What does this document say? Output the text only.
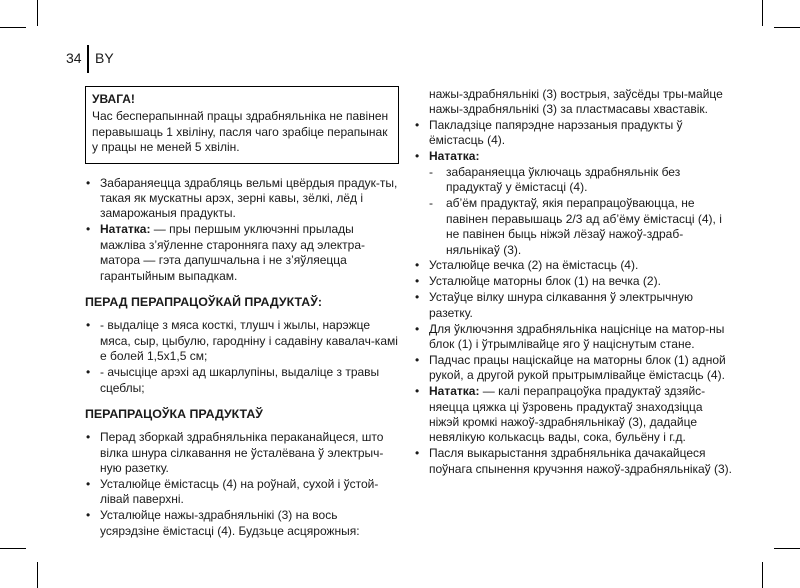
34 BY
УВАГА!
Час бесперапыннай працы здрабняльніка не павінен перавышаць 1 хвіліну, пасля чаго зрабіце перапынак у працы не меней 5 хвілін.
• Забараняецца здрабляць вельмі цвёрдыя прадук-ты, такая як мускатны арэх, зерні кавы, зёлкі, лёд і замарожаныя прадукты.
• Нататка: — пры першым уключэнні прылады мажліва з’яўленне старонняга паху ад электра-матора — гэта дапушчальна і не з’яўляецца гарантыйным выпадкам.
ПЕРАД ПЕРАПРАЦОЎКАЙ ПРАДУКТАЎ:
• - выдаліце з мяса косткі, тлушч і жылы, нарэжце мяса, сыр, цыбулю, гароднiну і садавіну кавалач-камі е болей 1,5х1,5 см;
• - ачысціце арэхі ад шкарлупіны, выдаліце з травы сцеблы;
ПЕРАПРАЦОЎКА ПРАДУКТАЎ
• Перад зборкай здрабняльніка пераканайцеся, што вілка шнура сілкавання не ўсталёвана ў электрыч-ную разетку.
• Усталюйце ёмістасць (4) на роўнай, сухой і ўстой-лівай паверхні.
• Усталюйце нажы-здрабняльнікі (3) на вось усярэдзіне ёмістасці (4). Будзьце асцярожныя:
нажы-здрабняльнікі (3) вострыя, заўсёды тры-майце нажы-здрабняльнікі (3) за пластмасавы хваставік.
• Пакладзіце папярэдне нарэзаныя прадукты ў ёмістасць (4).
• Нататка:
- забараняецца ўключаць здрабняльнік без прадуктаў у ёмістасці (4).
- аб’ём прадуктаў, якія перапрацоўваюцца, не павінен перавышаць 2/3 ад аб’ёму ёмістасці (4), і не павінен быць ніжэй лёзаў нажоў-здраб-няльнікаў (3).
• Усталюйце вечка (2) на ёмістасць (4).
• Усталюйце маторны блок (1) на вечка (2).
• Устаўце вілку шнура сілкавання ў электрычную разетку.
• Для ўключэння здрабняльніка націсніце на матор-ны блок (1) і ўтрымлівайце яго ў націснутым стане.
• Падчас працы націскайце на маторны блок (1) адной рукой, а другой рукой прытрымлівайце ёмістасць (4).
• Нататка: — калі перапрацоўка прадуктаў здзяйс-няецца цяжка ці ўзровень прадуктаў знаходзіцца ніжэй кромкі нажоў-здрабняльнікаў (3), дадайце невялікую колькасць вады, сока, бульёну і г.д.
• Пасля выкарыстання здрабняльніка дачакайцеся поўнага спынення кручэння нажоў-здрабняльнікаў (3).
